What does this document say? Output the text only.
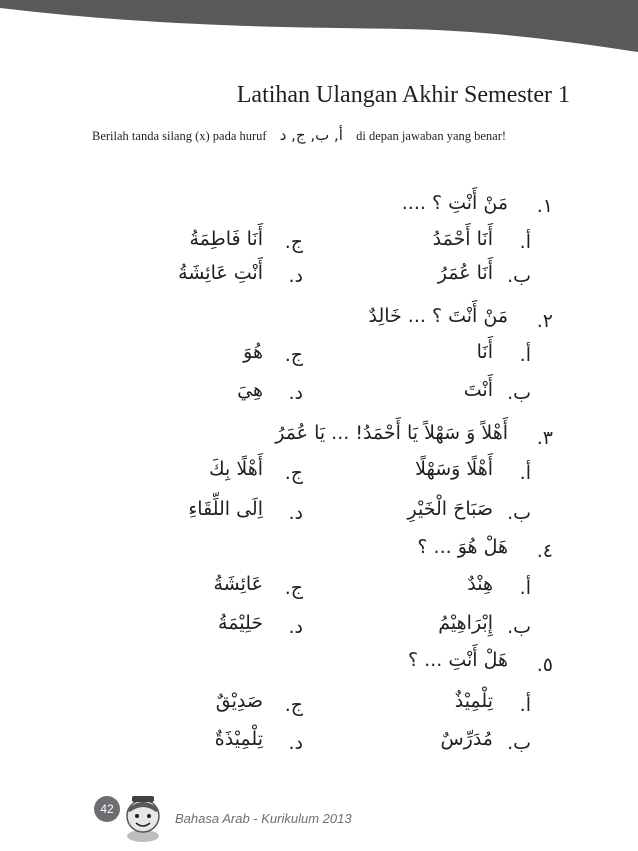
Latihan Ulangan Akhir Semester 1
Berilah tanda silang (x) pada huruf أ, ب, ج, د di depan jawaban yang benar!
١.
مَنْ أَنْتِ ؟ ....
أ.
أَنَا أَحْمَدُ
ب.
أَنَا عُمَرُ
ج.
أَنَا فَاطِمَةُ
د.
أَنْتِ عَائِشَةُ
٢.
مَنْ أَنْتَ ؟ ... خَالِدٌ
أ.
أَنَا
ب.
أَنْتَ
ج.
هُوَ
د.
هِيَ
٣.
أَهْلاً وَ سَهْلاً يَا أَحْمَدُ! ... يَا عُمَرُ
أ.
أَهْلًا وَسَهْلًا
ب.
صَبَاحَ الْخَيْرِ
ج.
أَهْلًا بِكَ
د.
اِلَى اللِّقَاءِ
٤.
هَلْ هُوَ ... ؟
أ.
هِنْدٌ
ب.
إِبْرَاهِيْمُ
ج.
عَائِشَةُ
د.
حَلِيْمَةُ
٥.
هَلْ أَنْتِ ... ؟
أ.
تِلْمِيْذٌ
ب.
مُدَرِّسٌ
ج.
صَدِيْقٌ
د.
تِلْمِيْذَةٌ
42
Bahasa Arab - Kurikulum 2013
